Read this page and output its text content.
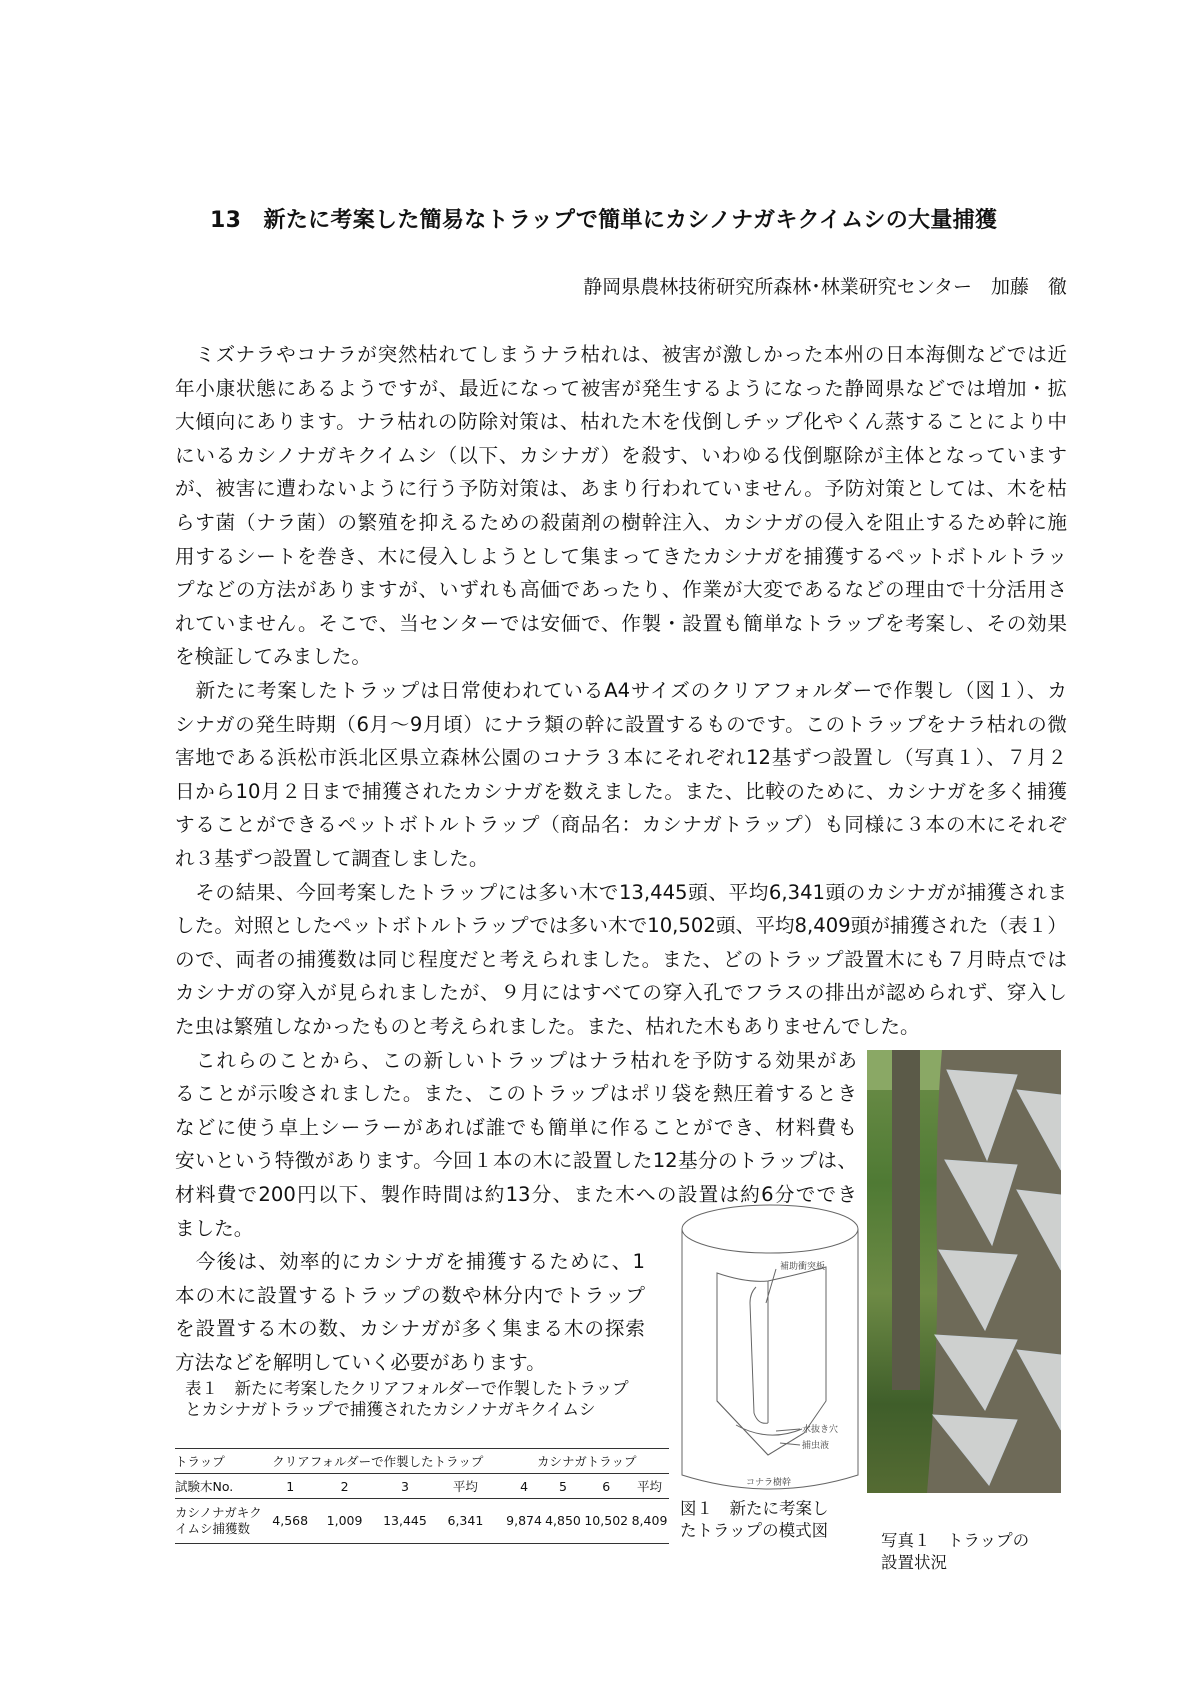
13　新たに考案した簡易なトラップで簡単にカシノナガキクイムシの大量捕獲
静岡県農林技術研究所森林･林業研究センター　加藤　徹
　ミズナラやコナラが突然枯れてしまうナラ枯れは、被害が激しかった本州の日本海側などでは近
年小康状態にあるようですが、最近になって被害が発生するようになった静岡県などでは増加・拡
大傾向にあります。ナラ枯れの防除対策は、枯れた木を伐倒しチップ化やくん蒸することにより中
にいるカシノナガキクイムシ（以下、カシナガ）を殺す、いわゆる伐倒駆除が主体となっています
が、被害に遭わないように行う予防対策は、あまり行われていません。予防対策としては、木を枯
らす菌（ナラ菌）の繁殖を抑えるための殺菌剤の樹幹注入、カシナガの侵入を阻止するため幹に施
用するシートを巻き、木に侵入しようとして集まってきたカシナガを捕獲するペットボトルトラッ
プなどの方法がありますが、いずれも高価であったり、作業が大変であるなどの理由で十分活用さ
れていません。そこで、当センターでは安価で、作製・設置も簡単なトラップを考案し、その効果
を検証してみました。
　新たに考案したトラップは日常使われているA4サイズのクリアフォルダーで作製し（図１）、カ
シナガの発生時期（6月～9月頃）にナラ類の幹に設置するものです。このトラップをナラ枯れの微
害地である浜松市浜北区県立森林公園のコナラ３本にそれぞれ12基ずつ設置し（写真１）、７月２
日から10月２日まで捕獲されたカシナガを数えました。また、比較のために、カシナガを多く捕獲
することができるペットボトルトラップ（商品名：カシナガトラップ）も同様に３本の木にそれぞ
れ３基ずつ設置して調査しました。
　その結果、今回考案したトラップには多い木で13,445頭、平均6,341頭のカシナガが捕獲されま
した。対照としたペットボトルトラップでは多い木で10,502頭、平均8,409頭が捕獲された（表１）
ので、両者の捕獲数は同じ程度だと考えられました。また、どのトラップ設置木にも７月時点では
カシナガの穿入が見られましたが、９月にはすべての穿入孔でフラスの排出が認められず、穿入し
た虫は繁殖しなかったものと考えられました。また、枯れた木もありませんでした。
　これらのことから、この新しいトラップはナラ枯れを予防する効果があ
ることが示唆されました。また、このトラップはポリ袋を熱圧着するとき
などに使う卓上シーラーがあれば誰でも簡単に作ることができ、材料費も
安いという特徴があります。今回１本の木に設置した12基分のトラップは、
材料費で200円以下、製作時間は約13分、また木への設置は約6分ででき
ました。
　今後は、効率的にカシナガを捕獲するために、1
本の木に設置するトラップの数や林分内でトラップ
を設置する木の数、カシナガが多く集まる木の探索
方法などを解明していく必要があります。
表１　新たに考案したクリアフォルダーで作製したトラップ
とカシナガトラップで捕獲されたカシノナガキクイムシ
トラップ	クリアフォルダーで作製したトラップ					カシナガトラップ			
試験木No.	1	2	3	平均		4	5	6	平均
カシノナガキクイムシ捕獲数	4,568	1,009	13,445	6,341		9,874	4,850	10,502	8,409
補助衝突板
水抜き穴
捕虫液
コナラ樹幹
図１　新たに考案し
たトラップの模式図
写真１　トラップの
設置状況
